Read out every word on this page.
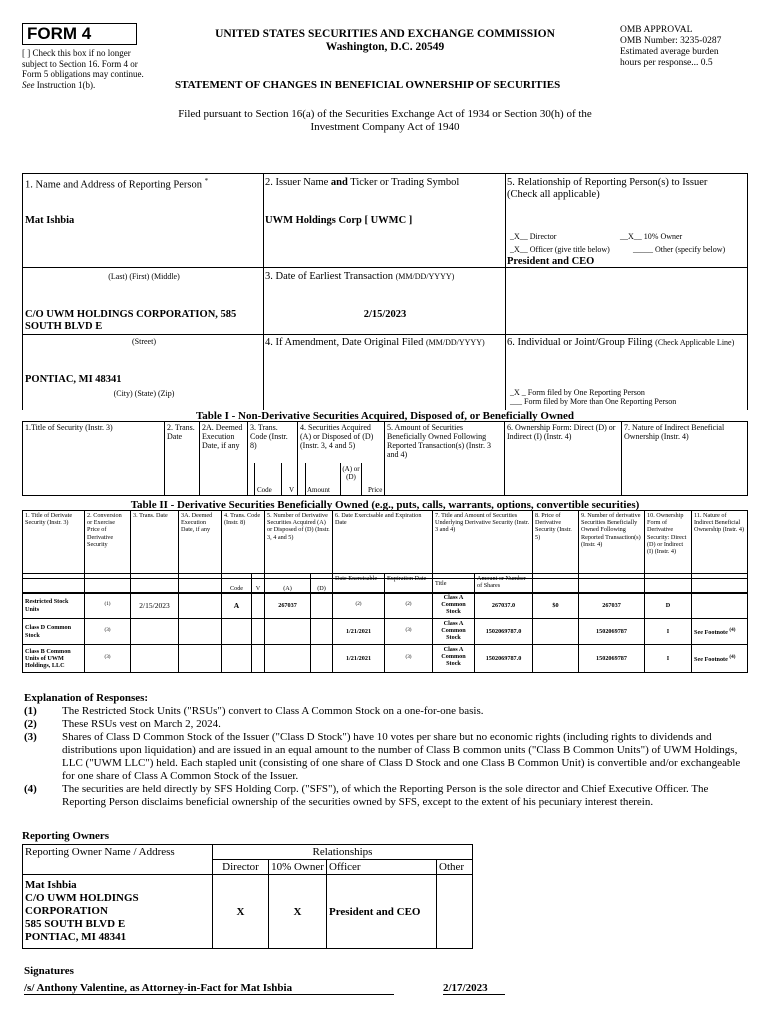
FORM 4
[ ] Check this box if no longer subject to Section 16. Form 4 or Form 5 obligations may continue. See Instruction 1(b).
UNITED STATES SECURITIES AND EXCHANGE COMMISSION
Washington, D.C. 20549
OMB APPROVAL
OMB Number: 3235-0287
Estimated average burden
hours per response... 0.5
STATEMENT OF CHANGES IN BENEFICIAL OWNERSHIP OF SECURITIES
Filed pursuant to Section 16(a) of the Securities Exchange Act of 1934 or Section 30(h) of the
Investment Company Act of 1940
1. Name and Address of Reporting Person *
Mat Ishbia
(Last) (First) (Middle)
C/O UWM HOLDINGS CORPORATION, 585 SOUTH BLVD E
(Street)
PONTIAC, MI 48341
(City) (State) (Zip)
2. Issuer Name and Ticker or Trading Symbol
UWM Holdings Corp [ UWMC ]
3. Date of Earliest Transaction (MM/DD/YYYY)
2/15/2023
4. If Amendment, Date Original Filed (MM/DD/YYYY)
5. Relationship of Reporting Person(s) to Issuer
(Check all applicable)
_X__ Director	__X__ 10% Owner
_X__ Officer (give title below)	_____ Other (specify below)
President and CEO
6. Individual or Joint/Group Filing (Check Applicable Line)
_X _ Form filed by One Reporting Person
___ Form filed by More than One Reporting Person
Table I - Non-Derivative Securities Acquired, Disposed of, or Beneficially Owned
1.Title of Security (Instr. 3)	2. Trans. Date	2A. Deemed Execution Date, if any	3. Trans. Code (Instr. 8)	4. Securities Acquired (A) or Disposed of (D) (Instr. 3, 4 and 5)	5. Amount of Securities Beneficially Owned Following Reported Transaction(s) (Instr. 3 and 4)	6. Ownership Form: Direct (D) or Indirect (I) (Instr. 4)	7. Nature of Indirect Beneficial Ownership (Instr. 4)
Code V Amount
(A) or (D)
Price
Table II - Derivative Securities Beneficially Owned (e.g., puts, calls, warrants, options, convertible securities)
1. Title of Derivate Security (Instr. 3)	2. Conversion or Exercise Price of Derivative Security	3. Trans. Date	3A. Deemed Execution Date, if any	4. Trans. Code (Instr. 8)	5. Number of Derivative Securities Acquired (A) or Disposed of (D) (Instr. 3, 4 and 5)	6. Date Exercisable and Expiration Date	7. Title and Amount of Securities Underlying Derivative Security (Instr. 3 and 4)	8. Price of Derivative Security (Instr. 5)	9. Number of derivative Securities Beneficially Owned Following Reported Transaction(s) (Instr. 4)	10. Ownership Form of Derivative Security: Direct (D) or Indirect (I) (Instr. 4)	11. Nature of Indirect Beneficial Ownership (Instr. 4)
				Code	V	(A)	(D)	Date Exercisable	Expiration Date	Title	Amount or Number of Shares				
Restricted Stock Units	$^{(1)}$	2/15/2023		A		267037		$^{(2)}$	$^{(2)}$	Class A Common Stock	267037.0	$0	267037	D	
Class D Common Stock	$^{(3)}$							1/21/2021	$^{(3)}$	Class A Common Stock	1502069787.0		1502069787	I	See Footnote $^{(4)}$
Class B Common Units of UWM Holdings, LLC	$^{(3)}$							1/21/2021	$^{(3)}$	Class A Common Stock	1502069787.0		1502069787	I	See Footnote $^{(4)}$
Explanation of Responses:
(1)	The Restricted Stock Units ("RSUs") convert to Class A Common Stock on a one-for-one basis.
(2)	These RSUs vest on March 2, 2024.
(3)	Shares of Class D Common Stock of the Issuer ("Class D Stock") have 10 votes per share but no economic rights (including rights to dividends and distributions upon liquidation) and are issued in an equal amount to the number of Class B common units ("Class B Common Units") of UWM Holdings, LLC ("UWM LLC") held. Each stapled unit (consisting of one share of Class D Stock and one Class B Common Unit) is convertible and/or exchangeable for one share of Class A Common Stock of the Issuer.
(4)	The securities are held directly by SFS Holding Corp. ("SFS"), of which the Reporting Person is the sole director and Chief Executive Officer. The Reporting Person disclaims beneficial ownership of the securities owned by SFS, except to the extent of his pecuniary interest therein.
Reporting Owners
Reporting Owner Name / Address	Relationships			
	Director	10% Owner	Officer	Other

Mat Ishbia
C/O UWM HOLDINGS
CORPORATION
585 SOUTH BLVD E
PONTIAC, MI 48341	X	X	President and CEO	
Signatures
/s/ Anthony Valentine, as Attorney-in-Fact for Mat Ishbia	2/17/2023
